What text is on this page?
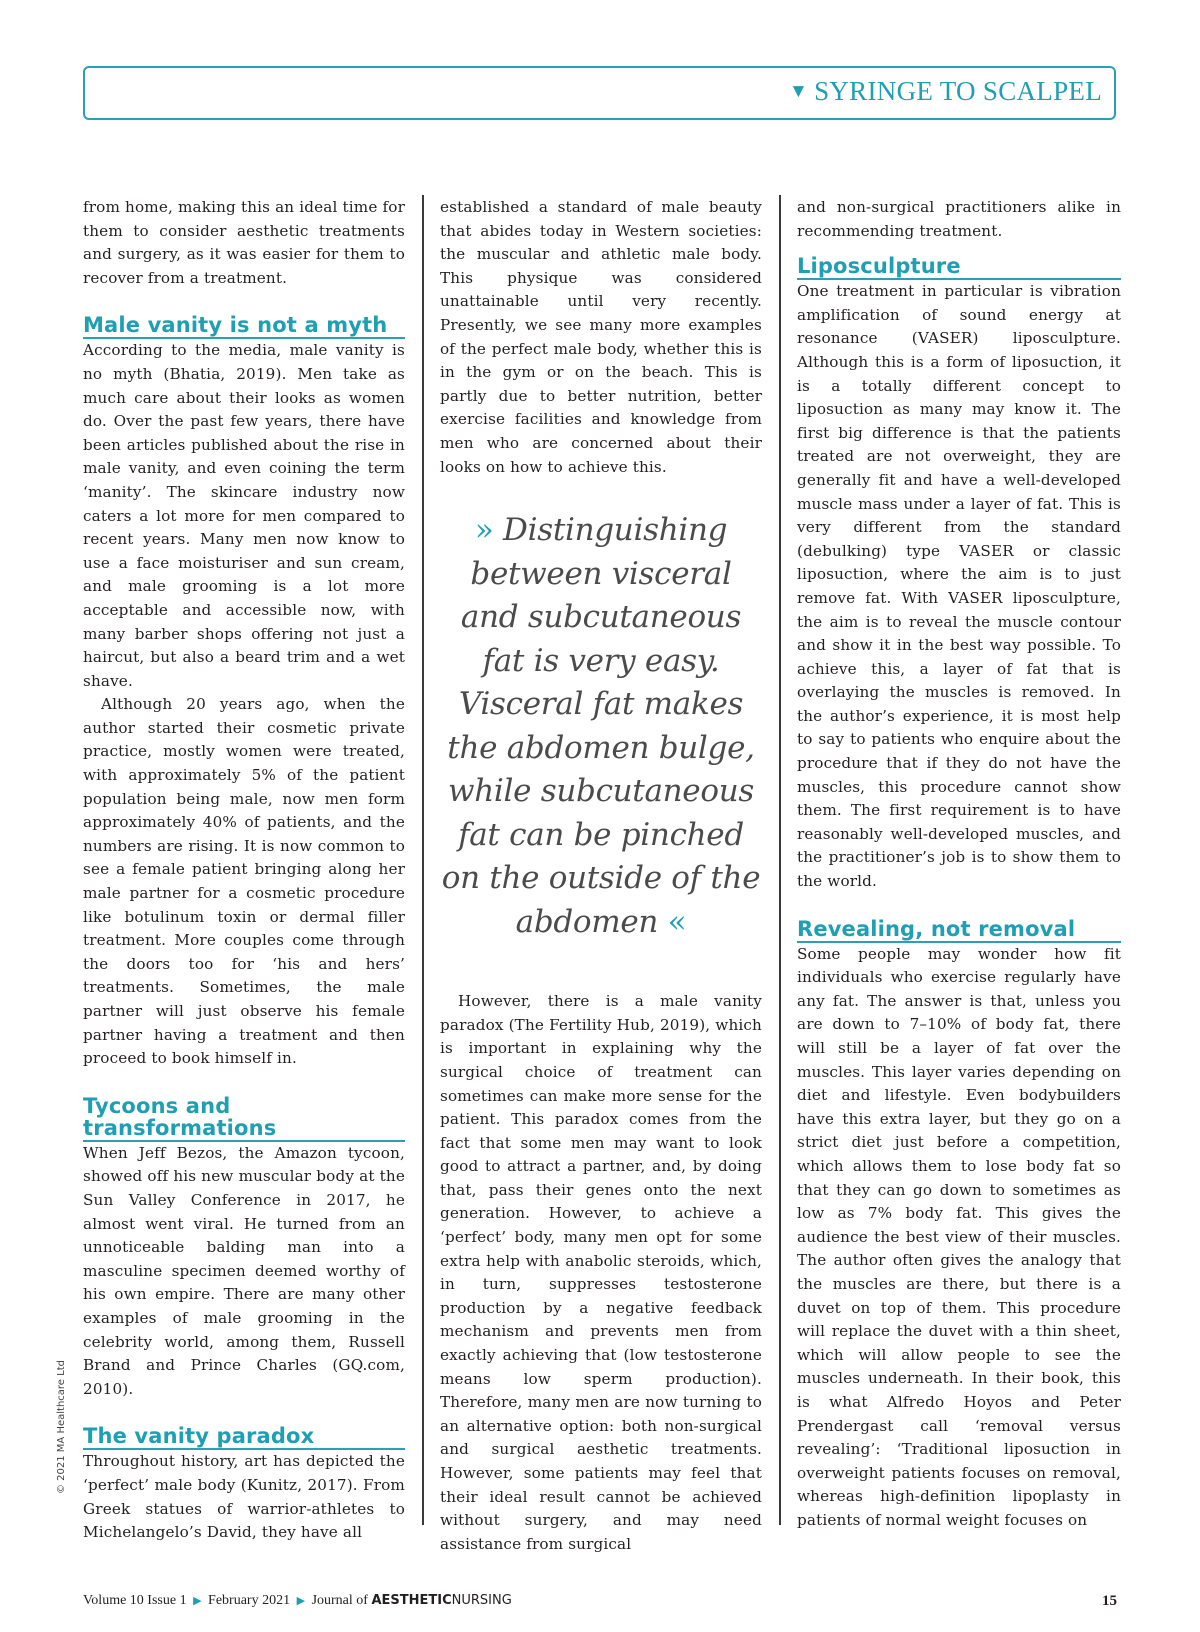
▼ SYRINGE TO SCALPEL

from home, making this an ideal time for them to consider aesthetic treatments and surgery, as it was easier for them to recover from a treatment.

Male vanity is not a myth

According to the media, male vanity is no myth (Bhatia, 2019). Men take as much care about their looks as women do. Over the past few years, there have been articles published about the rise in male vanity, and even coining the term ‘manity’. The skincare industry now caters a lot more for men compared to recent years. Many men now know to use a face moisturiser and sun cream, and male grooming is a lot more acceptable and accessible now, with many barber shops offering not just a haircut, but also a beard trim and a wet shave.

Although 20 years ago, when the author started their cosmetic private practice, mostly women were treated, with approximately 5% of the patient population being male, now men form approximately 40% of patients, and the numbers are rising. It is now common to see a female patient bringing along her male partner for a cosmetic procedure like botulinum toxin or dermal filler treatment. More couples come through the doors too for ‘his and hers’ treatments. Sometimes, the male partner will just observe his female partner having a treatment and then proceed to book himself in.

Tycoons and transformations

When Jeff Bezos, the Amazon tycoon, showed off his new muscular body at the Sun Valley Conference in 2017, he almost went viral. He turned from an unnoticeable balding man into a masculine specimen deemed worthy of his own empire. There are many other examples of male grooming in the celebrity world, among them, Russell Brand and Prince Charles (GQ.com, 2010).

The vanity paradox

Throughout history, art has depicted the ‘perfect’ male body (Kunitz, 2017). From Greek statues of warrior-athletes to Michelangelo’s David, they have all

established a standard of male beauty that abides today in Western societies: the muscular and athletic male body. This physique was considered unattainable until very recently. Presently, we see many more examples of the perfect male body, whether this is in the gym or on the beach. This is partly due to better nutrition, better exercise facilities and knowledge from men who are concerned about their looks on how to achieve this.

» Distinguishing between visceral and subcutaneous fat is very easy. Visceral fat makes the abdomen bulge, while subcutaneous fat can be pinched on the outside of the abdomen «

However, there is a male vanity paradox (The Fertility Hub, 2019), which is important in explaining why the surgical choice of treatment can sometimes can make more sense for the patient. This paradox comes from the fact that some men may want to look good to attract a partner, and, by doing that, pass their genes onto the next generation. However, to achieve a ‘perfect’ body, many men opt for some extra help with anabolic steroids, which, in turn, suppresses testosterone production by a negative feedback mechanism and prevents men from exactly achieving that (low testosterone means low sperm production). Therefore, many men are now turning to an alternative option: both non-surgical and surgical aesthetic treatments. However, some patients may feel that their ideal result cannot be achieved without surgery, and may need assistance from surgical

and non-surgical practitioners alike in recommending treatment.

Liposculpture

One treatment in particular is vibration amplification of sound energy at resonance (VASER) liposculpture. Although this is a form of liposuction, it is a totally different concept to liposuction as many may know it. The first big difference is that the patients treated are not overweight, they are generally fit and have a well-developed muscle mass under a layer of fat. This is very different from the standard (debulking) type VASER or classic liposuction, where the aim is to just remove fat. With VASER liposculpture, the aim is to reveal the muscle contour and show it in the best way possible. To achieve this, a layer of fat that is overlaying the muscles is removed. In the author’s experience, it is most help to say to patients who enquire about the procedure that if they do not have the muscles, this procedure cannot show them. The first requirement is to have reasonably well-developed muscles, and the practitioner’s job is to show them to the world.

Revealing, not removal

Some people may wonder how fit individuals who exercise regularly have any fat. The answer is that, unless you are down to 7–10% of body fat, there will still be a layer of fat over the muscles. This layer varies depending on diet and lifestyle. Even bodybuilders have this extra layer, but they go on a strict diet just before a competition, which allows them to lose body fat so that they can go down to sometimes as low as 7% body fat. This gives the audience the best view of their muscles. The author often gives the analogy that the muscles are there, but there is a duvet on top of them. This procedure will replace the duvet with a thin sheet, which will allow people to see the muscles underneath. In their book, this is what Alfredo Hoyos and Peter Prendergast call ‘removal versus revealing’: ‘Traditional liposuction in overweight patients focuses on removal, whereas high-definition lipoplasty in patients of normal weight focuses on

© 2021 MA Healthcare Ltd
Volume 10 Issue 1 ▶ February 2021 ▶ Journal of AESTHETICNURSING	15
